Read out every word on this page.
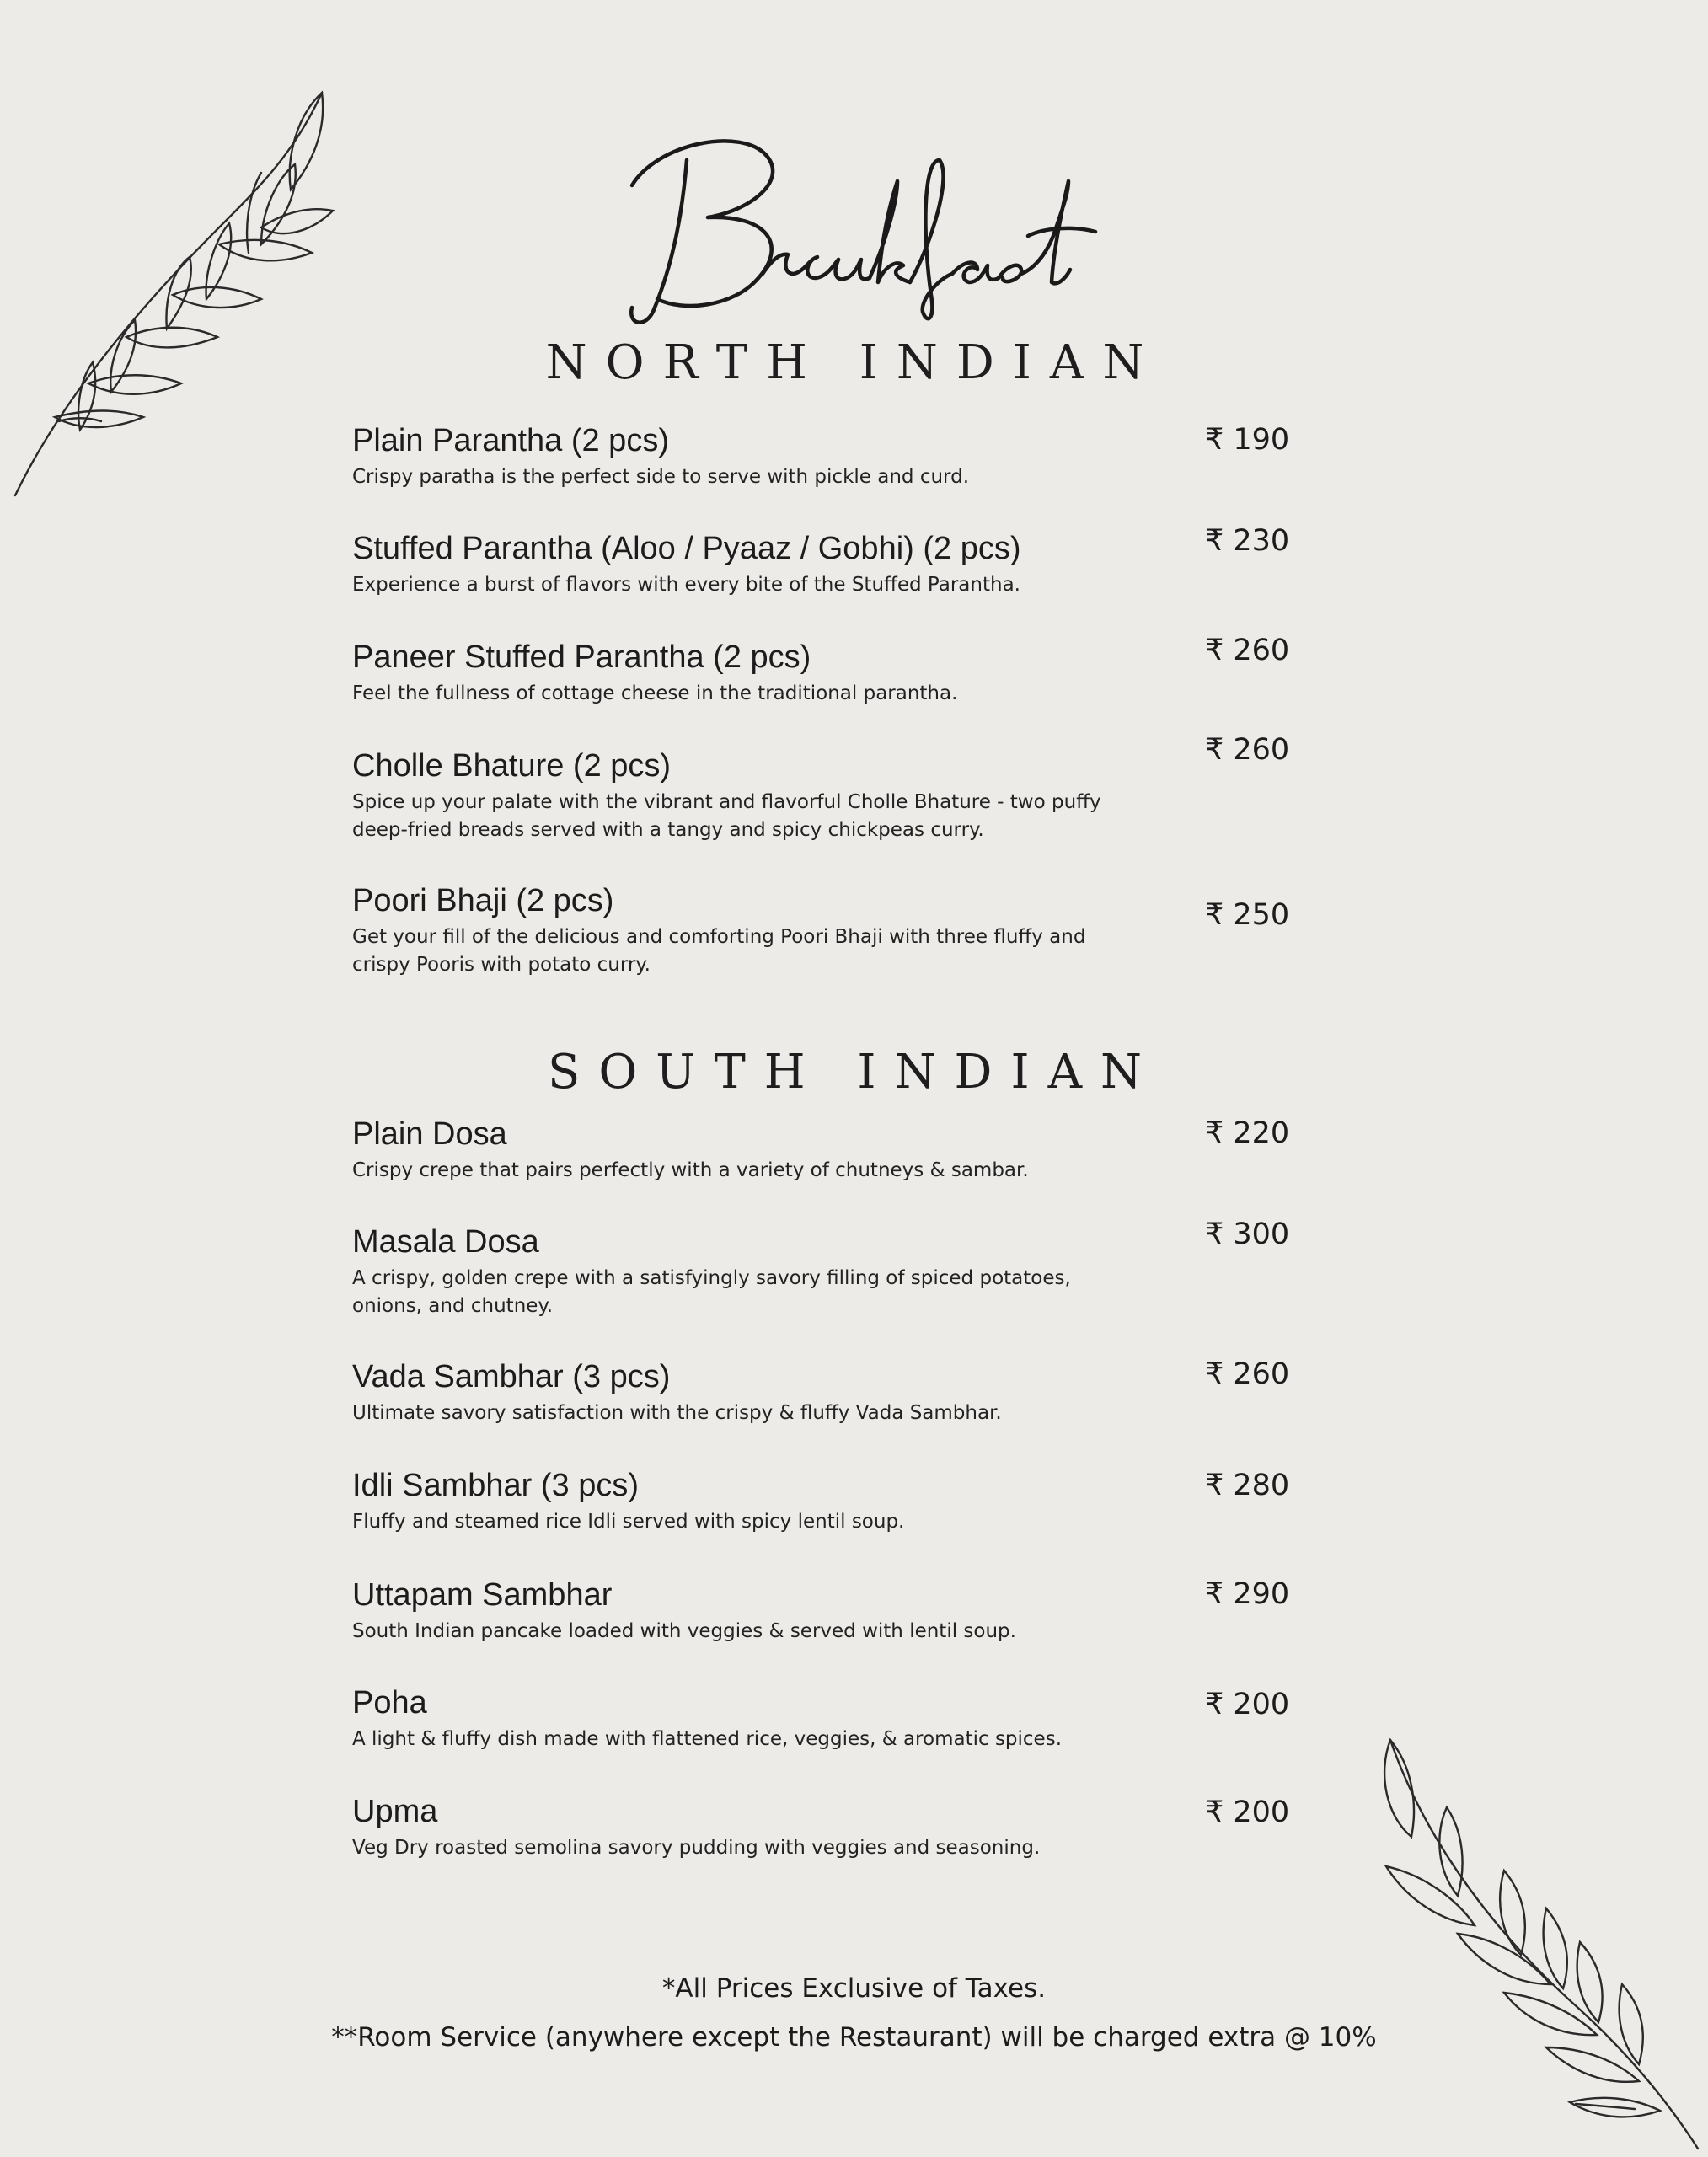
NORTH INDIAN
Plain Parantha (2 pcs)
Crispy paratha is the perfect side to serve with pickle and curd.
₹ 190
Stuffed Parantha (Aloo / Pyaaz / Gobhi) (2 pcs)
Experience a burst of flavors with every bite of the Stuffed Parantha.
₹ 230
Paneer Stuffed Parantha (2 pcs)
Feel the fullness of cottage cheese in the traditional parantha.
₹ 260
Cholle Bhature (2 pcs)
Spice up your palate with the vibrant and flavorful Cholle Bhature - two puffy deep-fried breads served with a tangy and spicy chickpeas curry.
₹ 260
Poori Bhaji (2 pcs)
Get your fill of the delicious and comforting Poori Bhaji with three fluffy and crispy Pooris with potato curry.
₹ 250
SOUTH INDIAN
Plain Dosa
Crispy crepe that pairs perfectly with a variety of chutneys & sambar.
₹ 220
Masala Dosa
A crispy, golden crepe with a satisfyingly savory filling of spiced potatoes, onions, and chutney.
₹ 300
Vada Sambhar (3 pcs)
Ultimate savory satisfaction with the crispy & fluffy Vada Sambhar.
₹ 260
Idli Sambhar (3 pcs)
Fluffy and steamed rice Idli served with spicy lentil soup.
₹ 280
Uttapam Sambhar
South Indian pancake loaded with veggies & served with lentil soup.
₹ 290
Poha
A light & fluffy dish made with flattened rice, veggies, & aromatic spices.
₹ 200
Upma
Veg Dry roasted semolina savory pudding with veggies and seasoning.
₹ 200
*All Prices Exclusive of Taxes.
**Room Service (anywhere except the Restaurant) will be charged extra @ 10%
